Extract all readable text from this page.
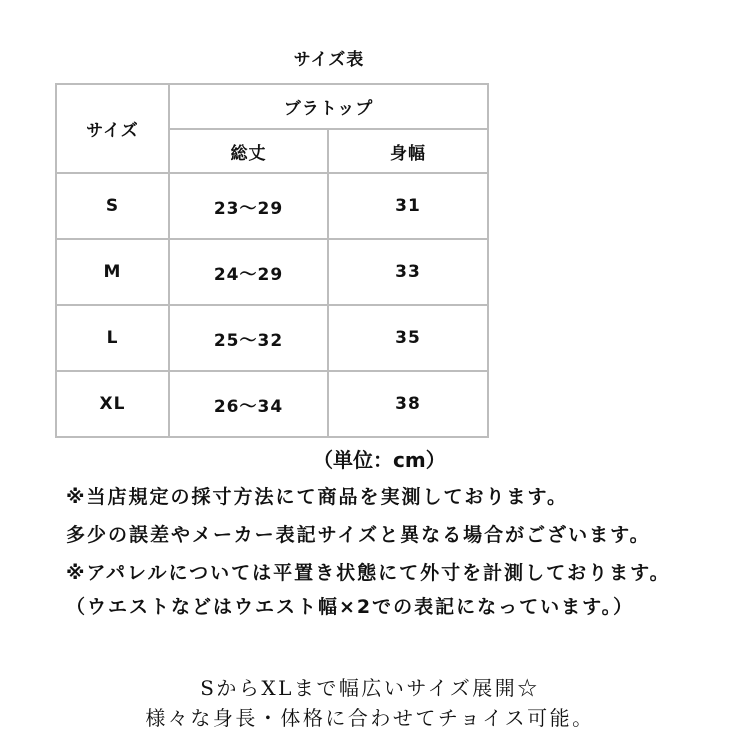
サイズ表
サイズ	ブラトップ	
	総丈	身幅
S	23〜29	31
M	24〜29	33
L	25〜32	35
XL	26〜34	38
（単位：cm）
※当店規定の採寸方法にて商品を実測しております。
多少の誤差やメーカー表記サイズと異なる場合がございます。
※アパレルについては平置き状態にて外寸を計測しております。
（ウエストなどはウエスト幅×2での表記になっています。）
SからXLまで幅広いサイズ展開☆
様々な身長・体格に合わせてチョイス可能。
